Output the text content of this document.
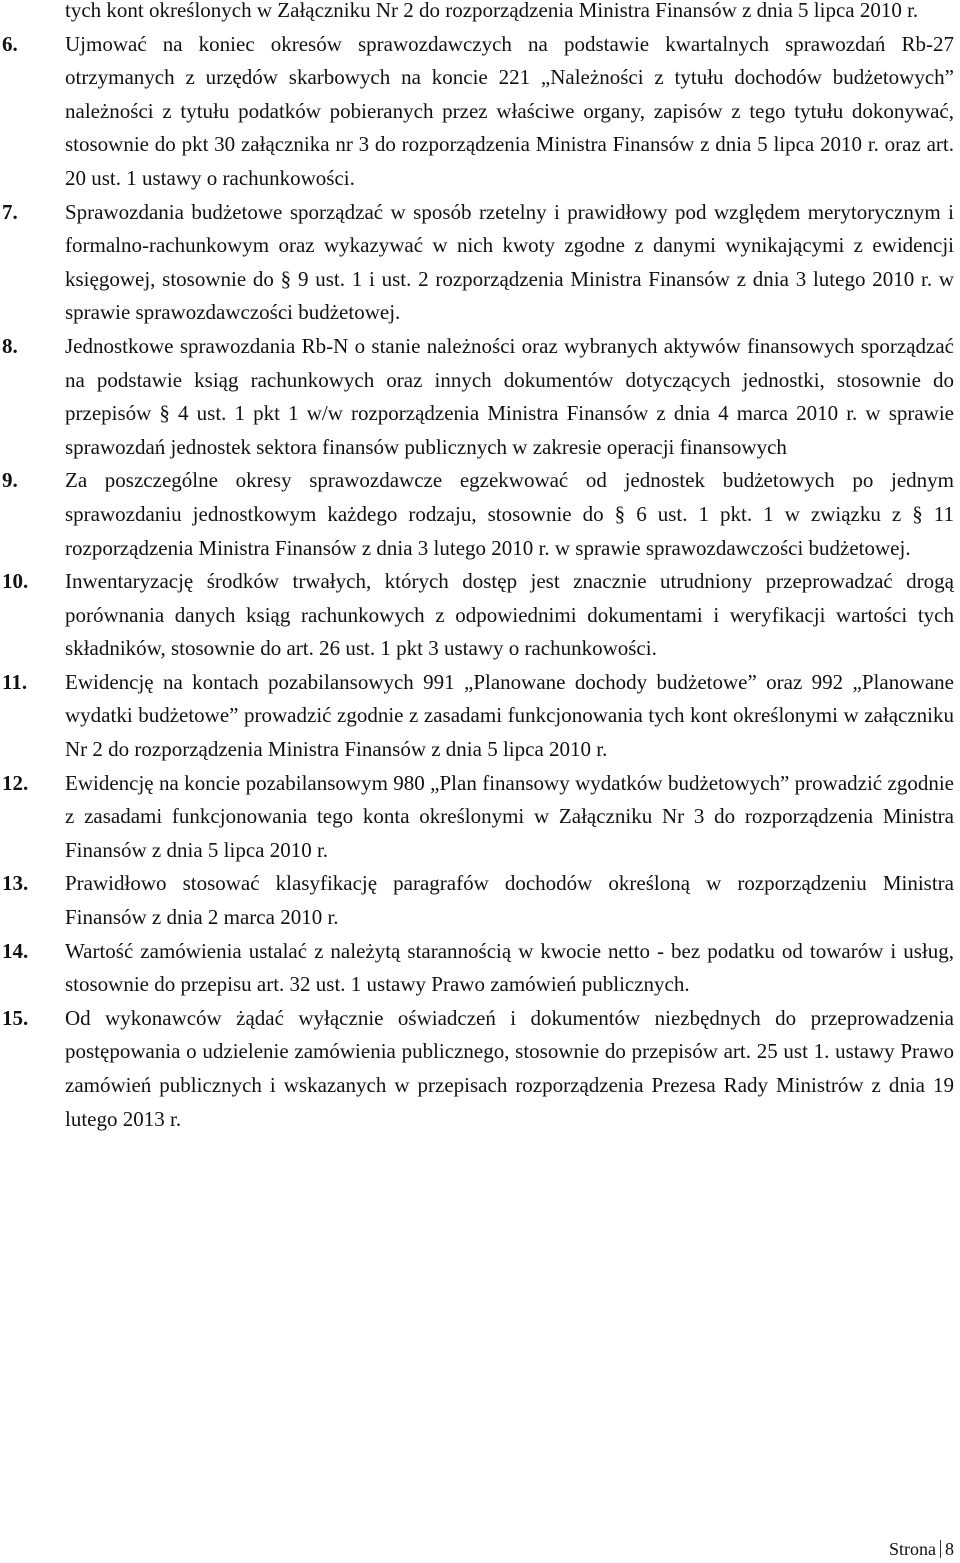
tych kont określonych w Załączniku Nr 2 do rozporządzenia Ministra Finansów z dnia 5 lipca 2010 r.
6. Ujmować na koniec okresów sprawozdawczych na podstawie kwartalnych sprawozdań Rb-27 otrzymanych z urzędów skarbowych na koncie 221 „Należności z tytułu dochodów budżetowych” należności z tytułu podatków pobieranych przez właściwe organy, zapisów z tego tytułu dokonywać, stosownie do pkt 30 załącznika nr 3 do rozporządzenia Ministra Finansów z dnia 5 lipca 2010 r. oraz art. 20 ust. 1 ustawy o rachunkowości.
7. Sprawozdania budżetowe sporządzać w sposób rzetelny i prawidłowy pod względem merytorycznym i formalno-rachunkowym oraz wykazywać w nich kwoty zgodne z danymi wynikającymi z ewidencji księgowej, stosownie do § 9 ust. 1 i ust. 2 rozporządzenia Ministra Finansów z dnia 3 lutego 2010 r. w sprawie sprawozdawczości budżetowej.
8. Jednostkowe sprawozdania Rb-N o stanie należności oraz wybranych aktywów finansowych sporządzać na podstawie ksiąg rachunkowych oraz innych dokumentów dotyczących jednostki, stosownie do przepisów § 4 ust. 1 pkt 1 w/w rozporządzenia Ministra Finansów z dnia 4 marca 2010 r. w sprawie sprawozdań jednostek sektora finansów publicznych w zakresie operacji finansowych
9. Za poszczególne okresy sprawozdawcze egzekwować od jednostek budżetowych po jednym sprawozdaniu jednostkowym każdego rodzaju, stosownie do § 6 ust. 1 pkt. 1 w związku z § 11 rozporządzenia Ministra Finansów z dnia 3 lutego 2010 r. w sprawie sprawozdawczości budżetowej.
10. Inwentaryzację środków trwałych, których dostęp jest znacznie utrudniony przeprowadzać drogą porównania danych ksiąg rachunkowych z odpowiednimi dokumentami i weryfikacji wartości tych składników, stosownie do art. 26 ust. 1 pkt 3 ustawy o rachunkowości.
11. Ewidencję na kontach pozabilansowych 991 „Planowane dochody budżetowe” oraz 992 „Planowane wydatki budżetowe” prowadzić zgodnie z zasadami funkcjonowania tych kont określonymi w załączniku Nr 2 do rozporządzenia Ministra Finansów z dnia 5 lipca 2010 r.
12. Ewidencję na koncie pozabilansowym 980 „Plan finansowy wydatków budżetowych” prowadzić zgodnie z zasadami funkcjonowania tego konta określonymi w Załączniku Nr 3 do rozporządzenia Ministra Finansów z dnia 5 lipca 2010 r.
13. Prawidłowo stosować klasyfikację paragrafów dochodów określoną w rozporządzeniu Ministra Finansów z dnia 2 marca 2010 r.
14. Wartość zamówienia ustalać z należytą starannością w kwocie netto - bez podatku od towarów i usług, stosownie do przepisu art. 32 ust. 1 ustawy Prawo zamówień publicznych.
15. Od wykonawców żądać wyłącznie oświadczeń i dokumentów niezbędnych do przeprowadzenia postępowania o udzielenie zamówienia publicznego, stosownie do przepisów art. 25 ust 1. ustawy Prawo zamówień publicznych i wskazanych w przepisach rozporządzenia Prezesa Rady Ministrów z dnia 19 lutego 2013 r.
Strona 8
